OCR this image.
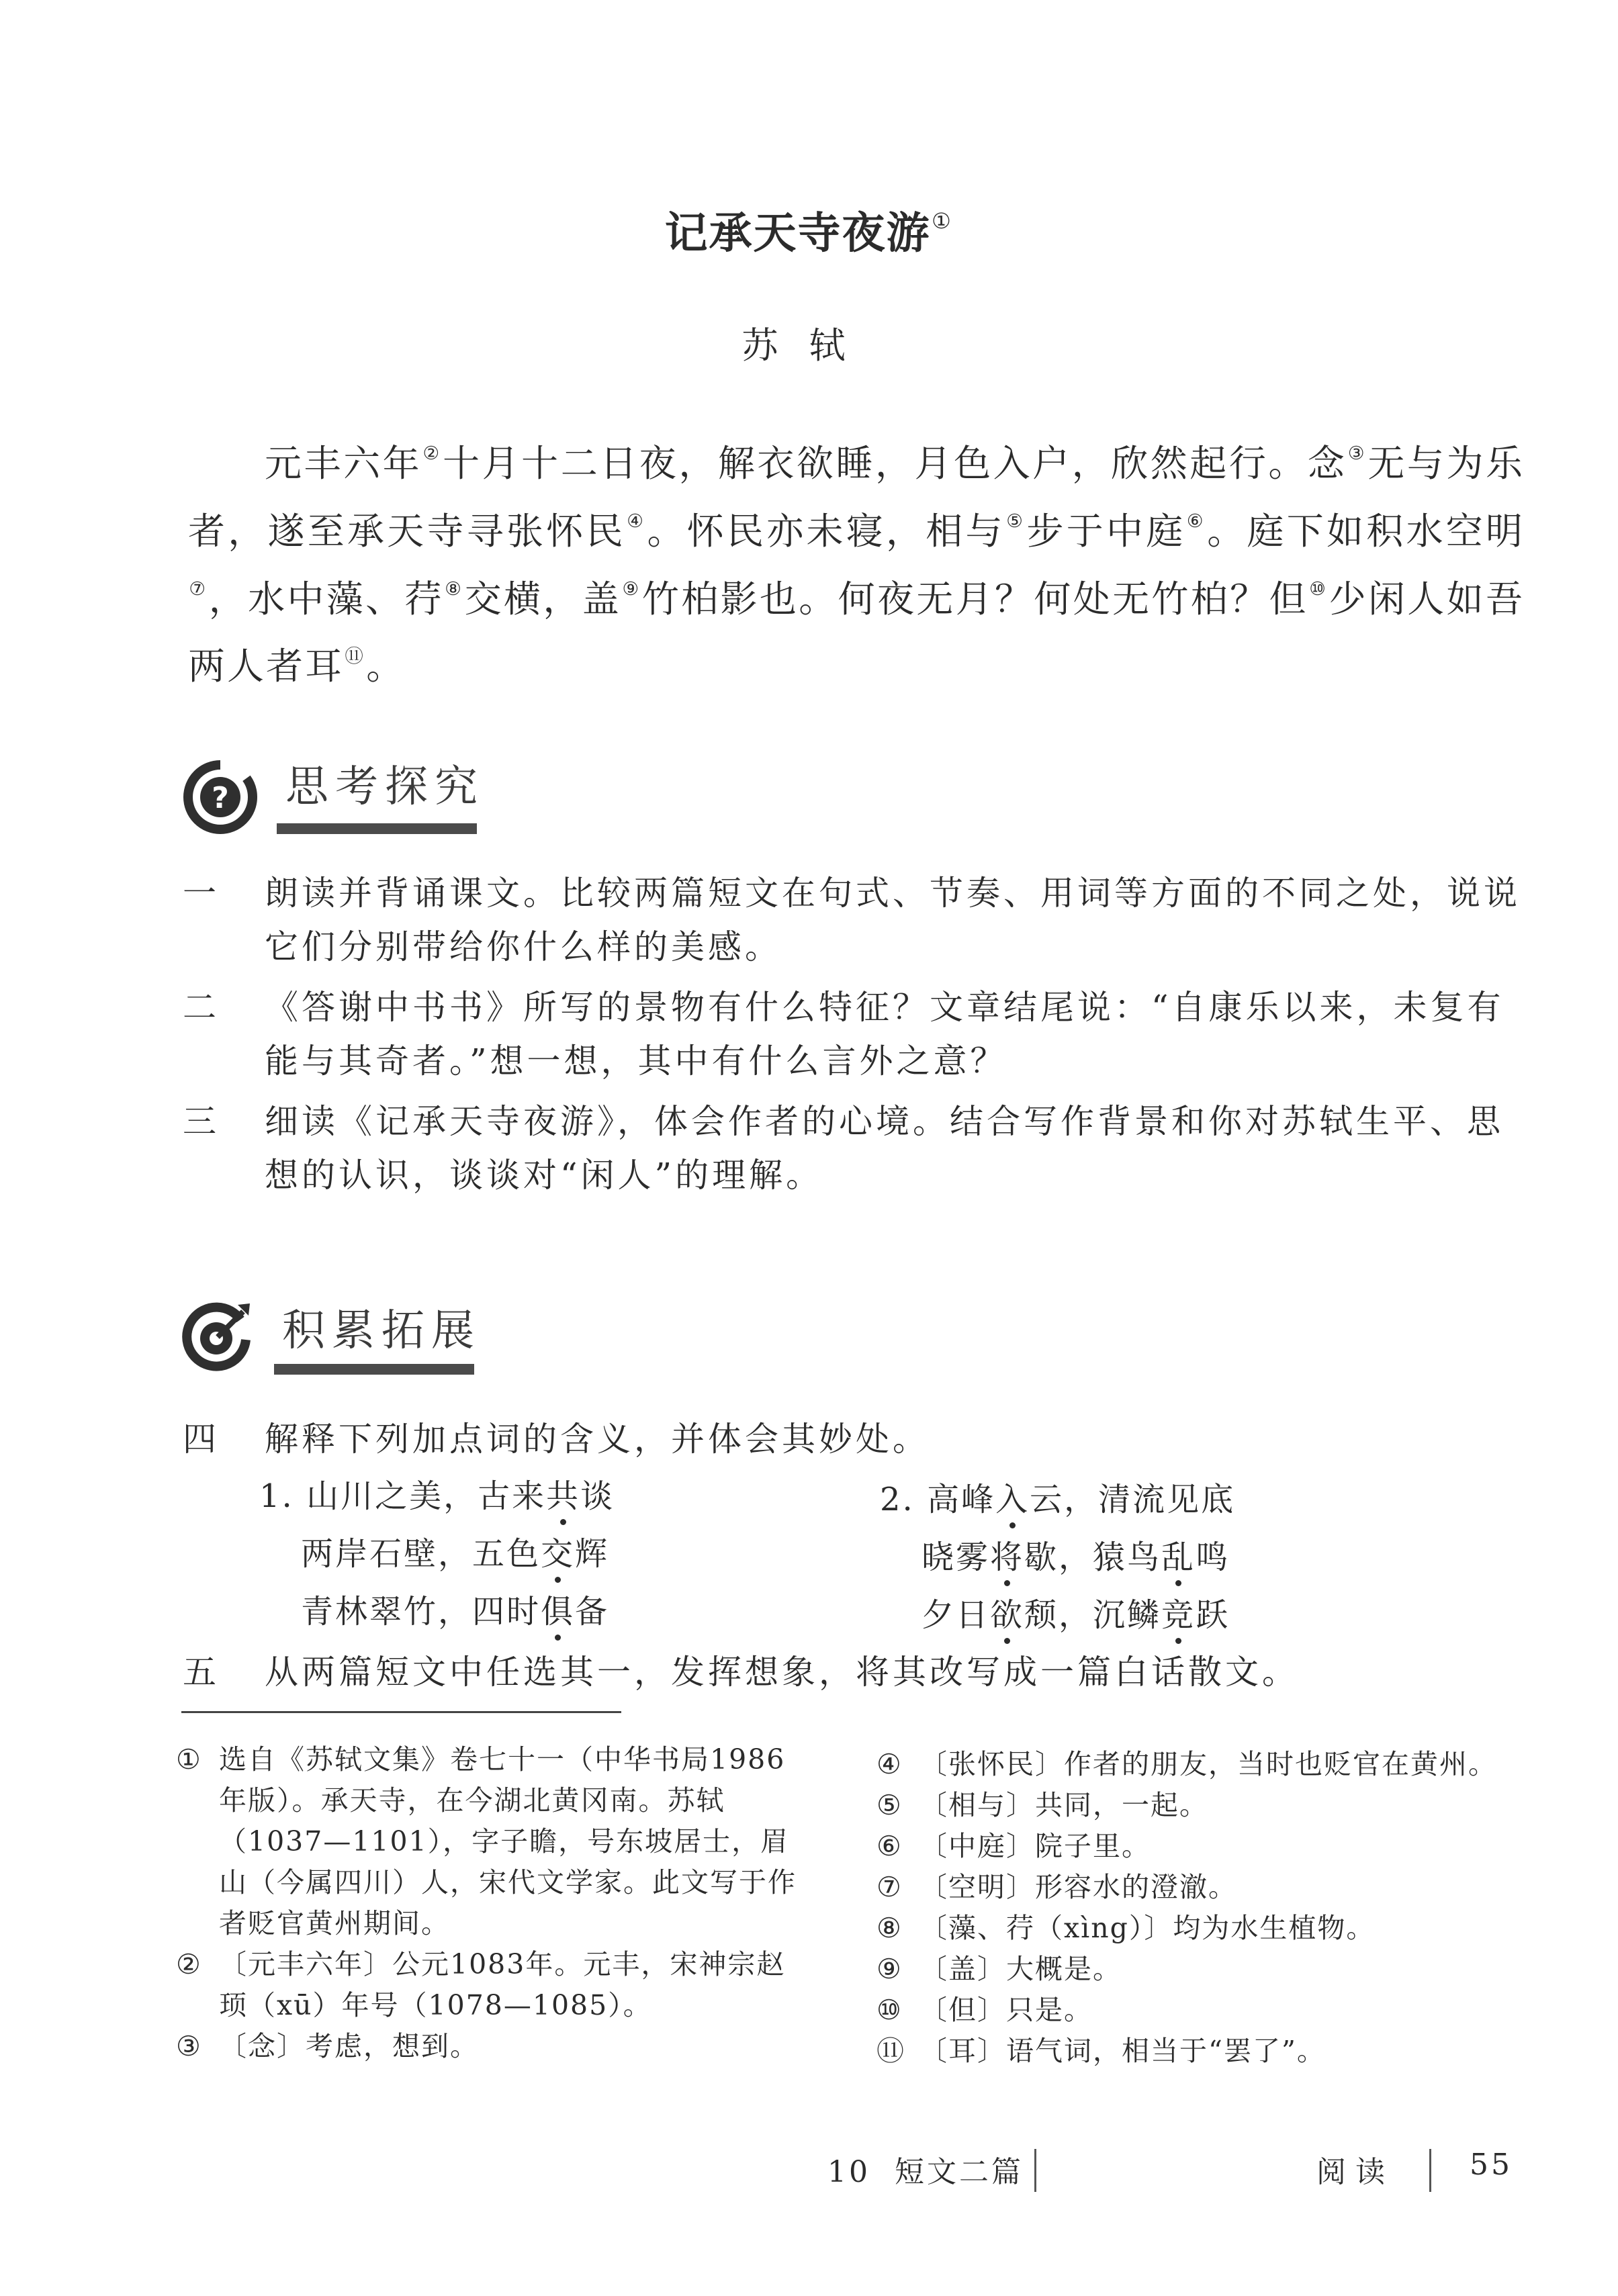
记承天寺夜游①
苏轼
元丰六年②十月十二日夜，解衣欲睡，月色入户，欣然起行。念③无与为乐者，遂至承天寺寻张怀民④。怀民亦未寝，相与⑤步于中庭⑥。庭下如积水空明⑦，水中藻、荇⑧交横，盖⑨竹柏影也。何夜无月？何处无竹柏？但⑩少闲人如吾两人者耳⑪。
? 思考探究
一	朗读并背诵课文。比较两篇短文在句式、节奏、用词等方面的不同之处，说说它们分别带给你什么样的美感。
二	《答谢中书书》所写的景物有什么特征？文章结尾说：“自康乐以来，未复有能与其奇者。”想一想，其中有什么言外之意？
三	细读《记承天寺夜游》，体会作者的心境。结合写作背景和你对苏轼生平、思想的认识，谈谈对“闲人”的理解。
积累拓展
四	解释下列加点词的含义，并体会其妙处。
1. 山川之美，古来共谈
两岸石壁，五色交辉
青林翠竹，四时俱备
2. 高峰入云，清流见底
晓雾将歇，猿鸟乱鸣
夕日欲颓，沉鳞竞跃
五	从两篇短文中任选其一，发挥想象，将其改写成一篇白话散文。
① 选自《苏轼文集》卷七十一（中华书局1986年版）。承天寺，在今湖北黄冈南。苏轼（1037—1101），字子瞻，号东坡居士，眉山（今属四川）人，宋代文学家。此文写于作者贬官黄州期间。
② 〔元丰六年〕公元1083年。元丰，宋神宗赵顼（xū）年号（1078—1085）。
③ 〔念〕考虑，想到。
④ 〔张怀民〕作者的朋友，当时也贬官在黄州。
⑤ 〔相与〕共同，一起。
⑥ 〔中庭〕院子里。
⑦ 〔空明〕形容水的澄澈。
⑧ 〔藻、荇（xìng）〕均为水生植物。
⑨ 〔盖〕大概是。
⑩ 〔但〕只是。
⑪ 〔耳〕语气词，相当于“罢了”。
10 短文二篇	阅读	55
